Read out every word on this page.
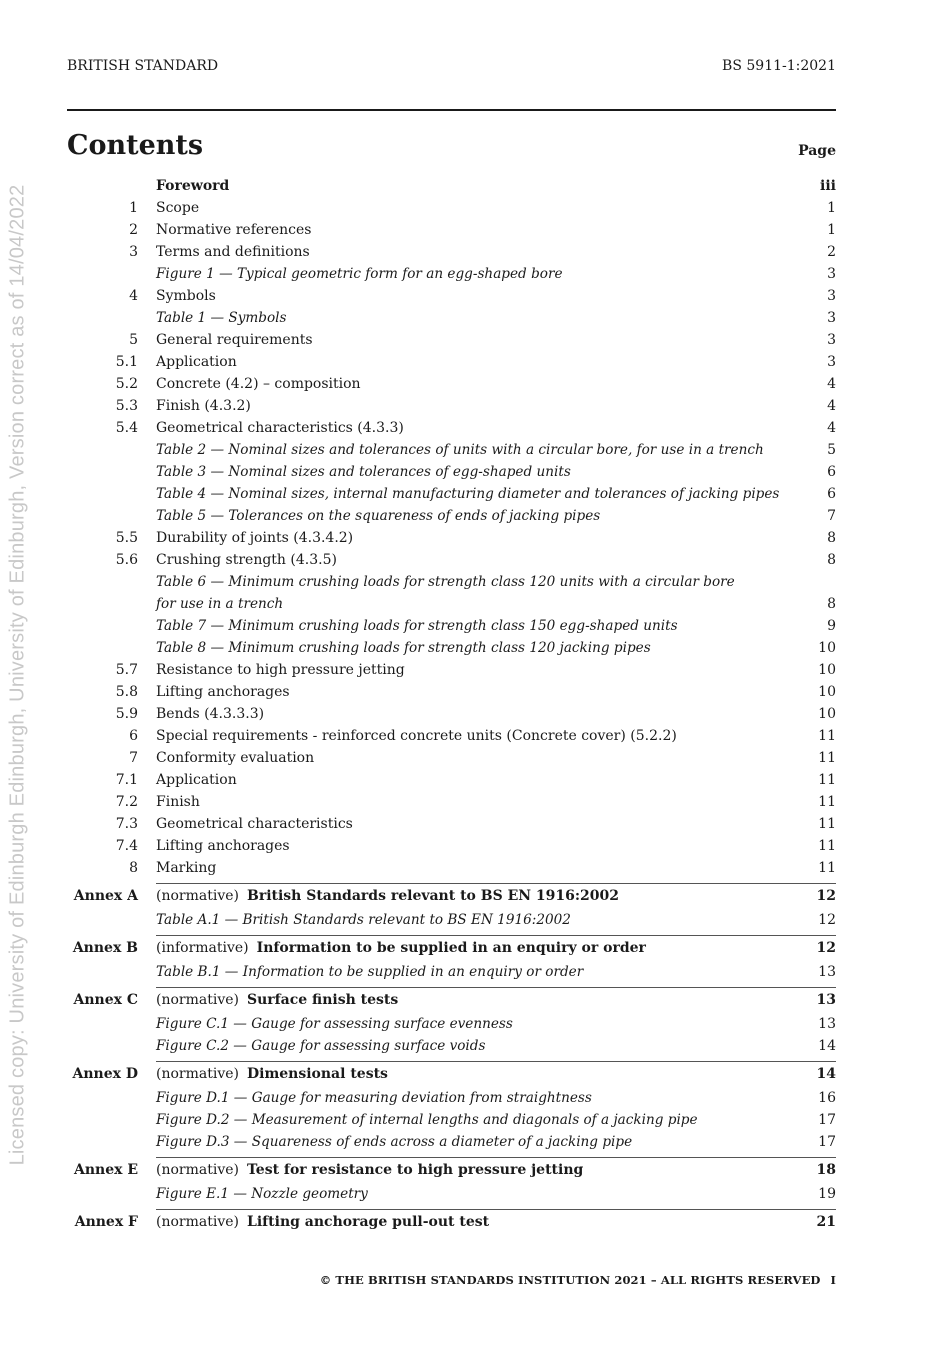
Licensed copy: University of Edinburgh Edinburgh, University of Edinburgh, Version correct as of 14/04/2022
BRITISH STANDARD	BS 5911-1:2021
Contents	Page
Foreword	iii
1 Scope	1
2 Normative references	1
3 Terms and definitions	2
Figure 1 — Typical geometric form for an egg-shaped bore	3
4 Symbols	3
Table 1 — Symbols	3
5 General requirements	3
5.1 Application	3
5.2 Concrete (4.2) – composition	4
5.3 Finish (4.3.2)	4
5.4 Geometrical characteristics (4.3.3)	4
Table 2 — Nominal sizes and tolerances of units with a circular bore, for use in a trench	5
Table 3 — Nominal sizes and tolerances of egg-shaped units	6
Table 4 — Nominal sizes, internal manufacturing diameter and tolerances of jacking pipes	6
Table 5 — Tolerances on the squareness of ends of jacking pipes	7
5.5 Durability of joints (4.3.4.2)	8
5.6 Crushing strength (4.3.5)	8
Table 6 — Minimum crushing loads for strength class 120 units with a circular bore for use in a trench	8
Table 7 — Minimum crushing loads for strength class 150 egg-shaped units	9
Table 8 — Minimum crushing loads for strength class 120 jacking pipes	10
5.7 Resistance to high pressure jetting	10
5.8 Lifting anchorages	10
5.9 Bends (4.3.3.3)	10
6 Special requirements - reinforced concrete units (Concrete cover) (5.2.2)	11
7 Conformity evaluation	11
7.1 Application	11
7.2 Finish	11
7.3 Geometrical characteristics	11
7.4 Lifting anchorages	11
8 Marking	11
Annex A (normative) British Standards relevant to BS EN 1916:2002	12
Table A.1 — British Standards relevant to BS EN 1916:2002	12
Annex B (informative) Information to be supplied in an enquiry or order	12
Table B.1 — Information to be supplied in an enquiry or order	13
Annex C (normative) Surface finish tests	13
Figure C.1 — Gauge for assessing surface evenness	13
Figure C.2 — Gauge for assessing surface voids	14
Annex D (normative) Dimensional tests	14
Figure D.1 — Gauge for measuring deviation from straightness	16
Figure D.2 — Measurement of internal lengths and diagonals of a jacking pipe	17
Figure D.3 — Squareness of ends across a diameter of a jacking pipe	17
Annex E (normative) Test for resistance to high pressure jetting	18
Figure E.1 — Nozzle geometry	19
Annex F (normative) Lifting anchorage pull-out test	21
© THE BRITISH STANDARDS INSTITUTION 2021 – ALL RIGHTS RESERVED I
